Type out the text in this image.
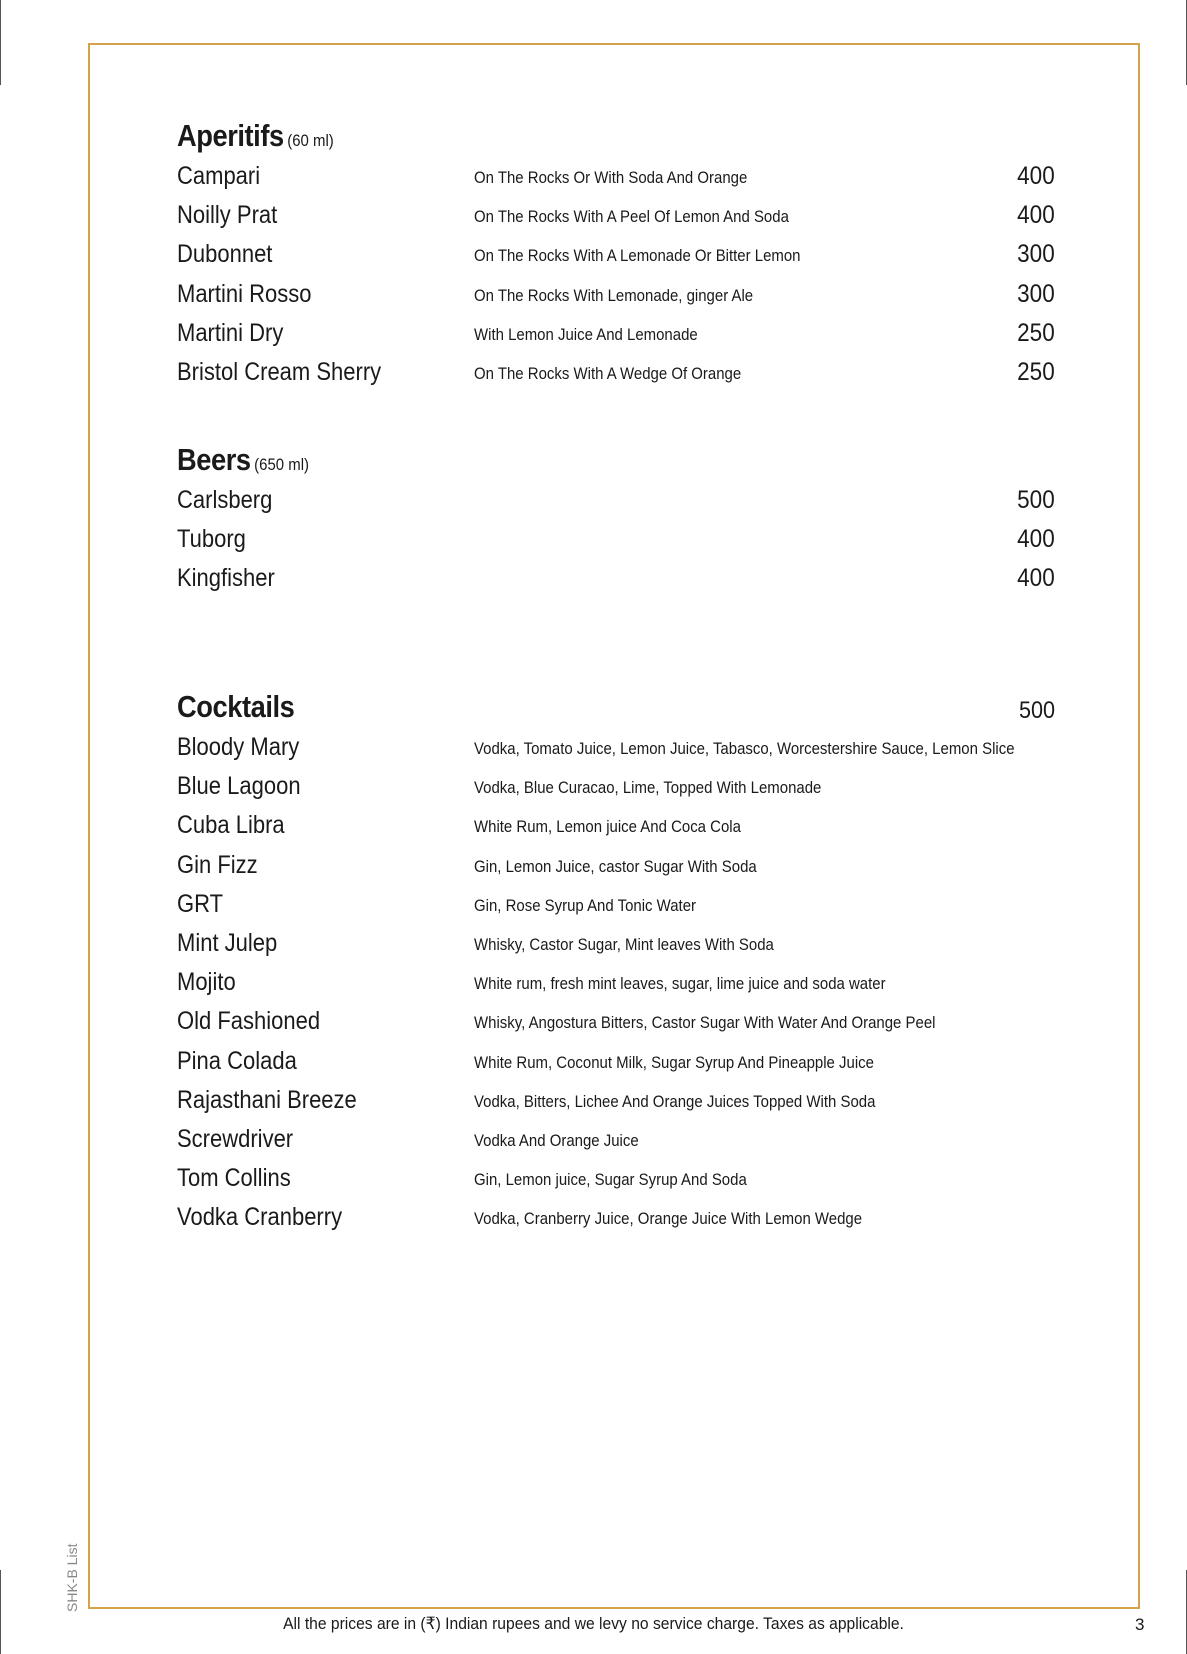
Aperitifs (60 ml)
Campari	On The Rocks Or With Soda And Orange	400
Noilly Prat	On The Rocks With A Peel Of Lemon And Soda	400
Dubonnet	On The Rocks With A Lemonade Or Bitter Lemon	300
Martini Rosso	On The Rocks With Lemonade, ginger Ale	300
Martini Dry	With Lemon Juice And Lemonade	250
Bristol Cream Sherry	On The Rocks With A Wedge Of Orange	250
Beers (650 ml)
Carlsberg	500
Tuborg	400
Kingfisher	400
Cocktails	500
Bloody Mary	Vodka, Tomato Juice, Lemon Juice, Tabasco, Worcestershire Sauce, Lemon Slice
Blue Lagoon	Vodka, Blue Curacao, Lime, Topped With Lemonade
Cuba Libra	White Rum, Lemon juice And Coca Cola
Gin Fizz	Gin, Lemon Juice, castor Sugar With Soda
GRT	Gin, Rose Syrup And Tonic Water
Mint Julep	Whisky, Castor Sugar, Mint leaves With Soda
Mojito	White rum, fresh mint leaves, sugar, lime juice and soda water
Old Fashioned	Whisky, Angostura Bitters, Castor Sugar With Water And Orange Peel
Pina Colada	White Rum, Coconut Milk, Sugar Syrup And Pineapple Juice
Rajasthani Breeze	Vodka, Bitters, Lichee And Orange Juices Topped With Soda
Screwdriver	Vodka And Orange Juice
Tom Collins	Gin, Lemon juice, Sugar Syrup And Soda
Vodka Cranberry	Vodka, Cranberry Juice, Orange Juice With Lemon Wedge
SHK-B List
All the prices are in (₹) Indian rupees and we levy no service charge. Taxes as applicable.	3
